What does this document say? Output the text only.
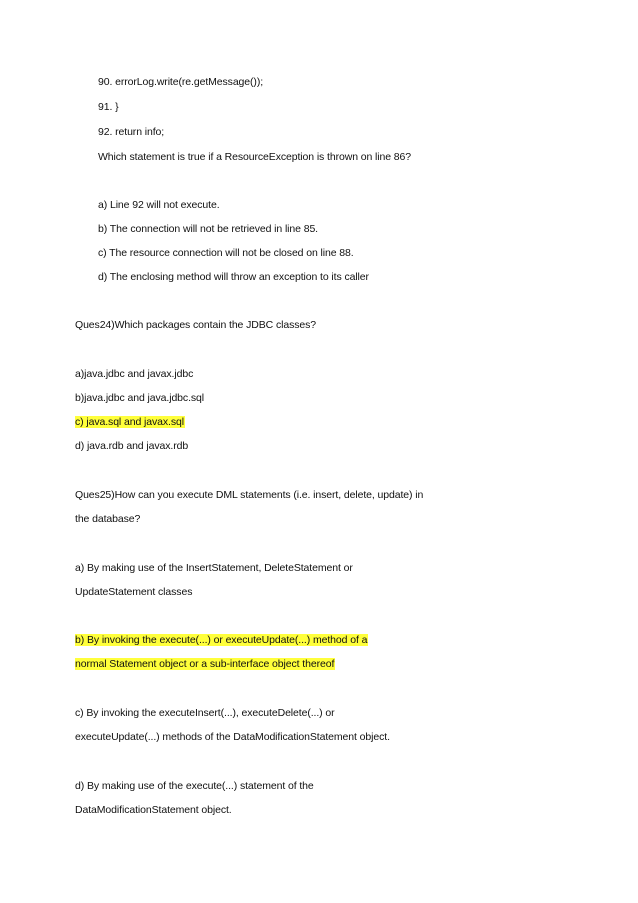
90. errorLog.write(re.getMessage());
91. }
92. return info;
Which statement is true if a ResourceException is thrown on line 86?
a) Line 92 will not execute.
b) The connection will not be retrieved in line 85.
c) The resource connection will not be closed on line 88.
d) The enclosing method will throw an exception to its caller
Ques24)Which packages contain the JDBC classes?
a)java.jdbc and javax.jdbc
b)java.jdbc and java.jdbc.sql
c) java.sql and javax.sql
d) java.rdb and javax.rdb
Ques25)How can you execute DML statements (i.e. insert, delete, update) in
the database?
a) By making use of the InsertStatement, DeleteStatement or
UpdateStatement classes
b) By invoking the execute(...) or executeUpdate(...) method of a
normal Statement object or a sub-interface object thereof
c) By invoking the executeInsert(...), executeDelete(...) or
executeUpdate(...) methods of the DataModificationStatement object.
d) By making use of the execute(...) statement of the
DataModificationStatement object.
